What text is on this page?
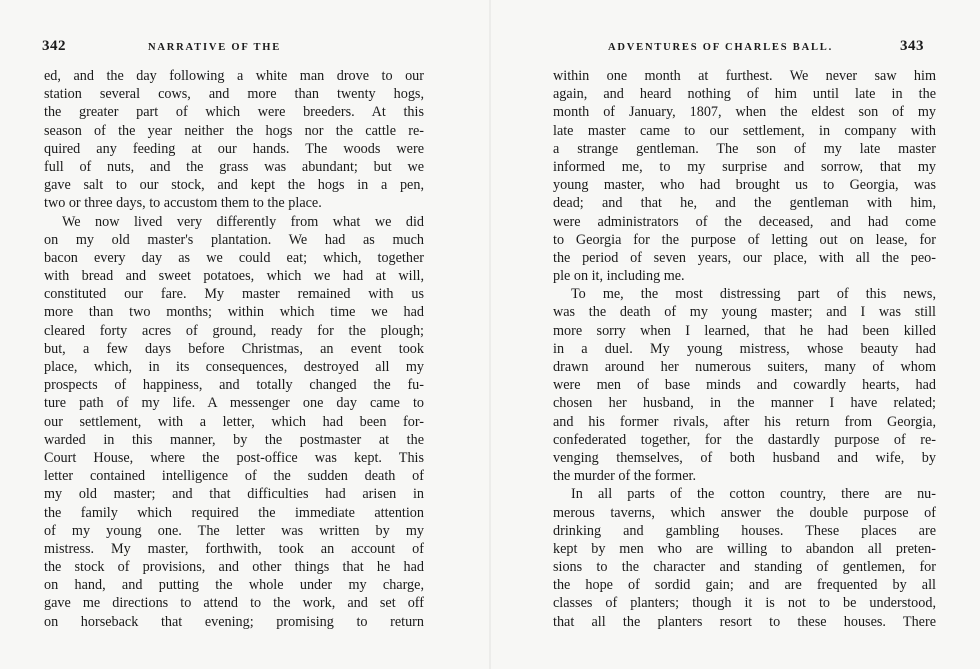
342	NARRATIVE OF THE
ed, and the day following a white man drove to our
station several cows, and more than twenty hogs,
the greater part of which were breeders. At this
season of the year neither the hogs nor the cattle re-
quired any feeding at our hands. The woods were
full of nuts, and the grass was abundant; but we
gave salt to our stock, and kept the hogs in a pen,
two or three days, to accustom them to the place.
We now lived very differently from what we did
on my old master's plantation. We had as much
bacon every day as we could eat; which, together
with bread and sweet potatoes, which we had at will,
constituted our fare. My master remained with us
more than two months; within which time we had
cleared forty acres of ground, ready for the plough;
but, a few days before Christmas, an event took
place, which, in its consequences, destroyed all my
prospects of happiness, and totally changed the fu-
ture path of my life. A messenger one day came to
our settlement, with a letter, which had been for-
warded in this manner, by the postmaster at the
Court House, where the post-office was kept. This
letter contained intelligence of the sudden death of
my old master; and that difficulties had arisen in
the family which required the immediate attention
of my young one. The letter was written by my
mistress. My master, forthwith, took an account of
the stock of provisions, and other things that he had
on hand, and putting the whole under my charge,
gave me directions to attend to the work, and set off
on horseback that evening; promising to return
ADVENTURES OF CHARLES BALL.	343
within one month at furthest. We never saw him
again, and heard nothing of him until late in the
month of January, 1807, when the eldest son of my
late master came to our settlement, in company with
a strange gentleman. The son of my late master
informed me, to my surprise and sorrow, that my
young master, who had brought us to Georgia, was
dead; and that he, and the gentleman with him,
were administrators of the deceased, and had come
to Georgia for the purpose of letting out on lease, for
the period of seven years, our place, with all the peo-
ple on it, including me.
To me, the most distressing part of this news,
was the death of my young master; and I was still
more sorry when I learned, that he had been killed
in a duel. My young mistress, whose beauty had
drawn around her numerous suiters, many of whom
were men of base minds and cowardly hearts, had
chosen her husband, in the manner I have related;
and his former rivals, after his return from Georgia,
confederated together, for the dastardly purpose of re-
venging themselves, of both husband and wife, by
the murder of the former.
In all parts of the cotton country, there are nu-
merous taverns, which answer the double purpose of
drinking and gambling houses. These places are
kept by men who are willing to abandon all preten-
sions to the character and standing of gentlemen, for
the hope of sordid gain; and are frequented by all
classes of planters; though it is not to be understood,
that all the planters resort to these houses. There
